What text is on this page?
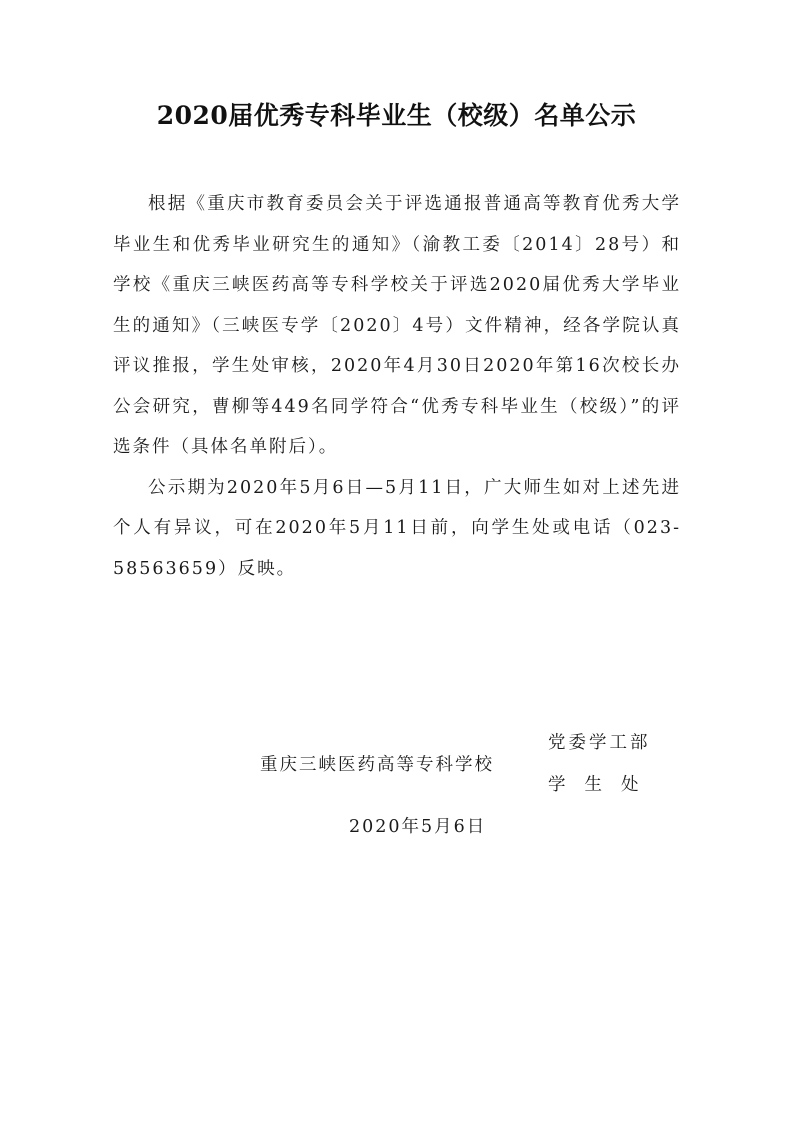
2020届优秀专科毕业生（校级）名单公示

根据《重庆市教育委员会关于评选通报普通高等教育优秀大学毕业生和优秀毕业研究生的通知》（渝教工委〔2014〕28号）和学校《重庆三峡医药高等专科学校关于评选2020届优秀大学毕业生的通知》（三峡医专学〔2020〕4号）文件精神，经各学院认真评议推报，学生处审核，2020年4月30日2020年第16次校长办公会研究，曹柳等449名同学符合“优秀专科毕业生（校级）”的评选条件（具体名单附后）。

公示期为2020年5月6日—5月11日，广大师生如对上述先进个人有异议，可在2020年5月11日前，向学生处或电话（023-58563659）反映。

党委学工部
重庆三峡医药高等专科学校
学生处
2020年5月6日
